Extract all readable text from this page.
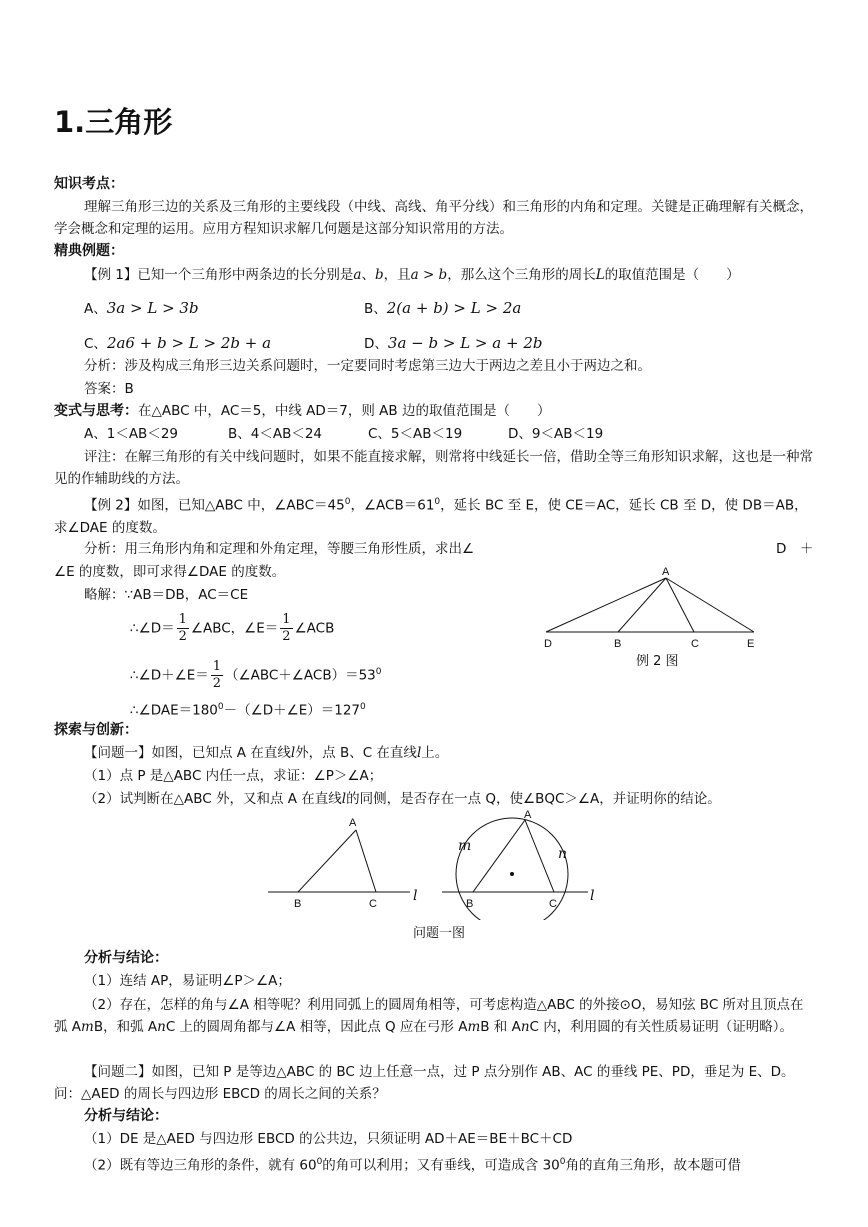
1.三角形
知识考点：
理解三角形三边的关系及三角形的主要线段（中线、高线、角平分线）和三角形的内角和定理。关键是正确理解有关概念，学会概念和定理的运用。应用方程知识求解几何题是这部分知识常用的方法。
精典例题：
【例 1】已知一个三角形中两条边的长分别是a、b，且a > b，那么这个三角形的周长L的取值范围是（　　）
A、3a > L > 3b	B、2(a + b) > L > 2a
C、2a6 + b > L > 2b + a	D、3a − b > L > a + 2b
分析：涉及构成三角形三边关系问题时，一定要同时考虑第三边大于两边之差且小于两边之和。
答案：B
变式与思考：在△ABC 中，AC＝5，中线 AD＝7，则 AB 边的取值范围是（　　）
A、1＜AB＜29	B、4＜AB＜24	C、5＜AB＜19	D、9＜AB＜19
评注：在解三角形的有关中线问题时，如果不能直接求解，则常将中线延长一倍，借助全等三角形知识求解，这也是一种常见的作辅助线的方法。
【例 2】如图，已知△ABC 中，$\angle ABC=45^0$，$\angle ACB=61^0$，延长 BC 至 E，使 CE＝AC，延长 CB 至 D，使 DB＝AB，求∠DAE 的度数。
分析：用三角形内角和定理和外角定理，等腰三角形性质，求出∠	D　＋
∠E 的度数，即可求得∠DAE 的度数。
略解：∵AB＝DB，AC＝CE
∴∠D＝ $\frac{1}{2}$ ∠ABC，∠E＝ $\frac{1}{2}$ ∠ACB
∴∠D＋∠E＝ $\frac{1}{2}$ $(\angle ABC+\angle ACB)=53^0$
$\therefore\angle DAE=180^0-(\angle D+\angle E)=127^0$
A
D	B	C	E
例 2 图
探索与创新：
【问题一】如图，已知点 A 在直线l外，点 B、C 在直线l上。
（1）点 P 是△ABC 内任一点，求证：∠P＞∠A；
（2）试判断在△ABC 外，又和点 A 在直线l的同侧，是否存在一点 Q，使∠BQC＞∠A，并证明你的结论。
A
B	C	l
A
B	C l
m	n
问题一图
分析与结论：
（1）连结 AP，易证明∠P＞∠A；
（2）存在，怎样的角与∠A 相等呢？利用同弧上的圆周角相等，可考虑构造△ABC 的外接⊙O，易知弦 BC 所对且顶点在弧 AmB，和弧 AnC 上的圆周角都与∠A 相等，因此点 Q 应在弓形 AmB 和 AnC 内，利用圆的有关性质易证明（证明略）。
【问题二】如图，已知 P 是等边△ABC 的 BC 边上任意一点，过 P 点分别作 AB、AC 的垂线 PE、PD，垂足为 E、D。问：△AED 的周长与四边形 EBCD 的周长之间的关系？
分析与结论：
（1）DE 是△AED 与四边形 EBCD 的公共边，只须证明 AD＋AE＝BE＋BC＋CD
（2）既有等边三角形的条件，就有 $60^0$的角可以利用；又有垂线，可造成含 $30^0$角的直角三角形，故本题可借
